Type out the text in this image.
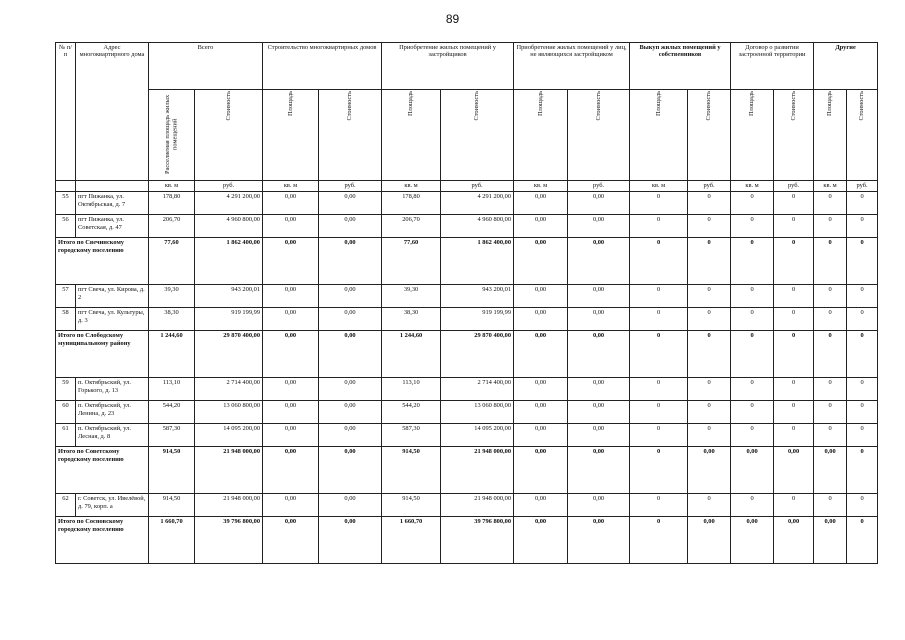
89
№ п/п	Адрес многоквартирного дома	Всего		Строительство многоквартирных домов		Приобретение жилых помещений у застройщиков		Приобретение жилых помещений у лиц, не являющихся застройщиком		Выкуп жилых помещений у собственников		Договор о развитии застроенной территории		Другие	
		Расселяемая площадь жилых помещений	Стоимость	Площадь	Стоимость	Площадь	Стоимость	Площадь	Стоимость	Площадь	Стоимость	Площадь	Стоимость	Площадь	Стоимость
		кв. м	руб.	кв. м	руб.	кв. м	руб.	кв. м	руб.	кв. м	руб.	кв. м	руб.	кв. м	руб.
55	пгт Пижанка, ул. Октябрьская, д. 7	178,80	4 291 200,00	0,00	0,00	178,80	4 291 200,00	0,00	0,00	0	0	0	0	0	0
56	пгт Пижанка, ул. Советская, д. 47	206,70	4 960 800,00	0,00	0,00	206,70	4 960 800,00	0,00	0,00	0	0	0	0	0	0
Итого по Свечинскому городскому поселению		77,60	1 862 400,00	0,00	0,00	77,60	1 862 400,00	0,00	0,00	0	0	0	0	0	0
57	пгт Свеча, ул. Кирова, д. 2	39,30	943 200,01	0,00	0,00	39,30	943 200,01	0,00	0,00	0	0	0	0	0	0
58	пгт Свеча, ул. Культуры, д. 3	38,30	919 199,99	0,00	0,00	38,30	919 199,99	0,00	0,00	0	0	0	0	0	0
Итого по Слободскому муниципальному району		1 244,60	29 870 400,00	0,00	0,00	1 244,60	29 870 400,00	0,00	0,00	0	0	0	0	0	0
59	п. Октябрьский, ул. Горького, д. 13	113,10	2 714 400,00	0,00	0,00	113,10	2 714 400,00	0,00	0,00	0	0	0	0	0	0
60	п. Октябрьский, ул. Ленина, д. 23	544,20	13 060 800,00	0,00	0,00	544,20	13 060 800,00	0,00	0,00	0	0	0	0	0	0
61	п. Октябрьский, ул. Лесная, д. 8	587,30	14 095 200,00	0,00	0,00	587,30	14 095 200,00	0,00	0,00	0	0	0	0	0	0
Итого по Советскому городскому поселению		914,50	21 948 000,00	0,00	0,00	914,50	21 948 000,00	0,00	0,00	0	0,00	0,00	0,00	0,00	0
62	г. Советск, ул. Ивелёвой, д. 79, корп. а	914,50	21 948 000,00	0,00	0,00	914,50	21 948 000,00	0,00	0,00	0	0	0	0	0	0
Итого по Сосновскому городскому поселению		1 660,70	39 796 800,00	0,00	0,00	1 660,70	39 796 800,00	0,00	0,00	0	0,00	0,00	0,00	0,00	0
